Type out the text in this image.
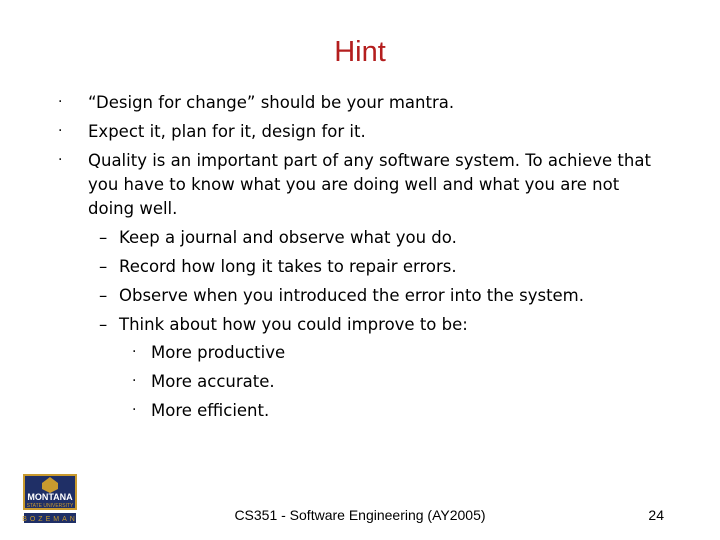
Hint
· “Design for change” should be your mantra.
· Expect it, plan for it, design for it.
· Quality is an important part of any software system. To achieve that
you have to know what you are doing well and what you are not
doing well.
– Keep a journal and observe what you do.
– Record how long it takes to repair errors.
– Observe when you introduced the error into the system.
– Think about how you could improve to be:
· More productive
· More accurate.
· More efficient.
MONTANA
STATE UNIVERSITY
BOZEMAN	CS351 - Software Engineering (AY2005)	24
